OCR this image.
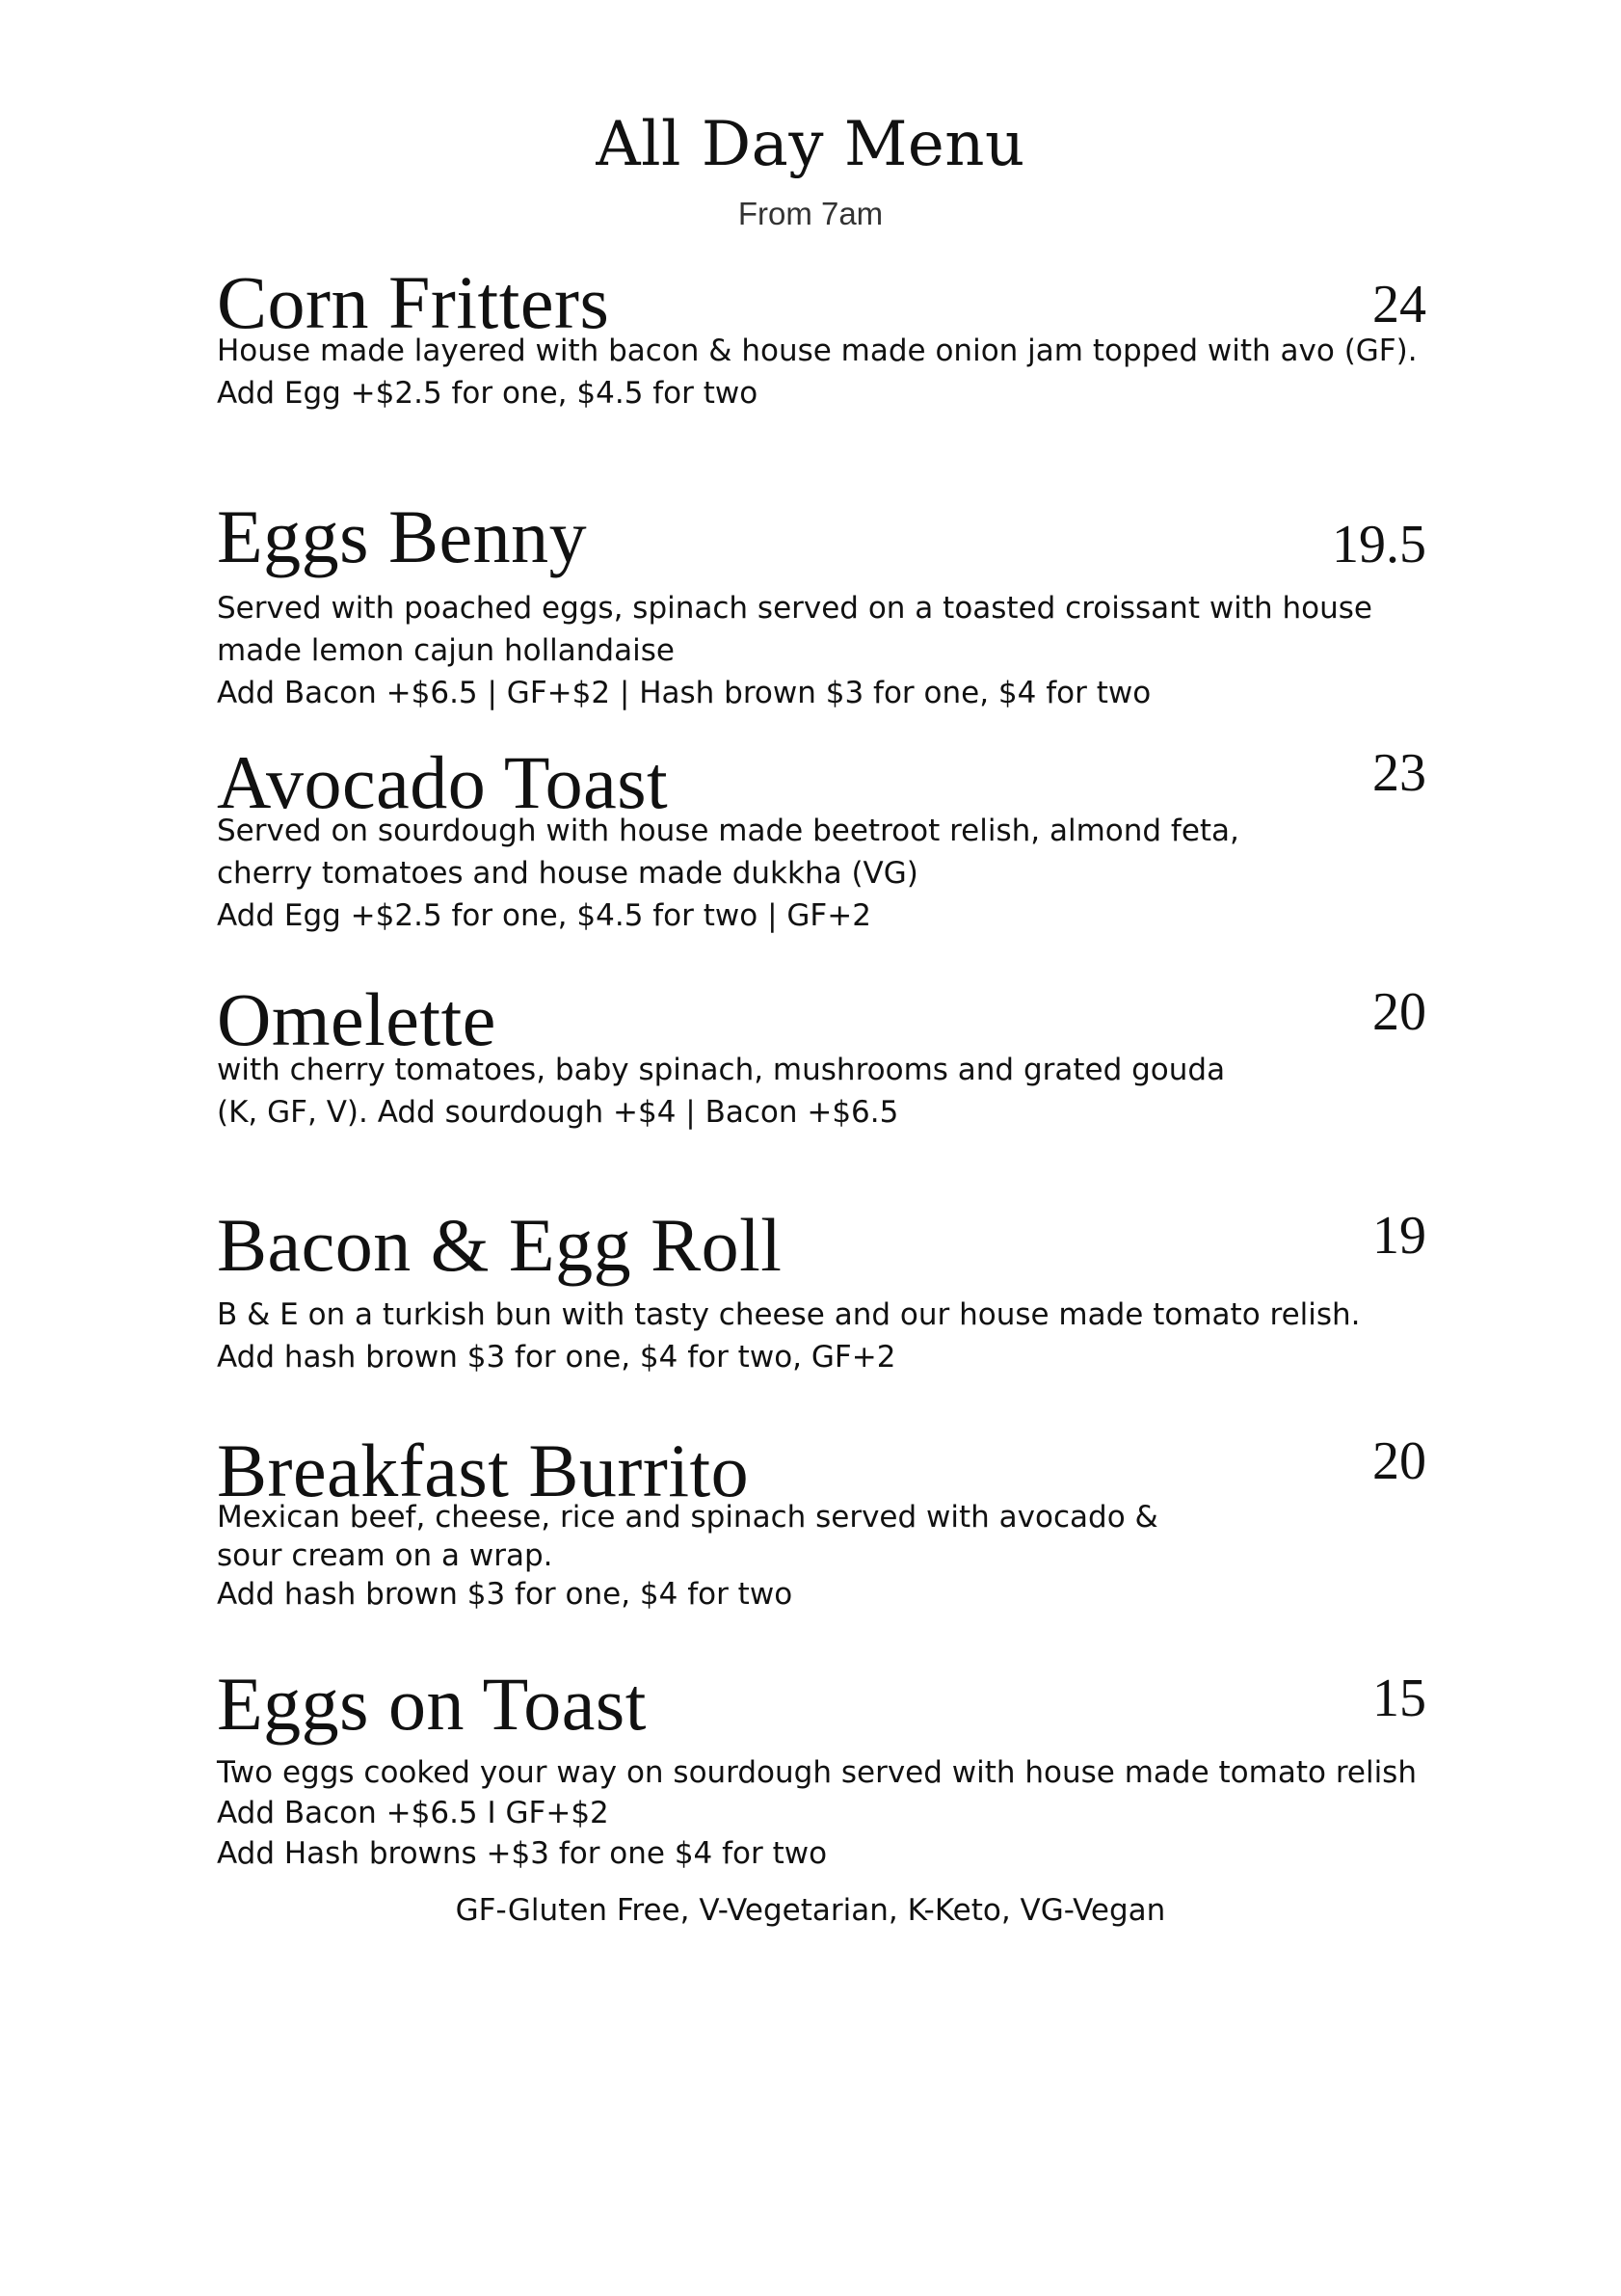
All Day Menu
From 7am
Corn Fritters	24
House made layered with bacon & house made onion jam topped with avo (GF).
Add Egg +$2.5 for one, $4.5 for two
Eggs Benny	19.5
Served with poached eggs, spinach served on a toasted croissant with house
made lemon cajun hollandaise
Add Bacon +$6.5 | GF+$2 | Hash brown $3 for one, $4 for two
Avocado Toast	23
Served on sourdough with house made beetroot relish, almond feta,
cherry tomatoes and house made dukkha (VG)
Add Egg +$2.5 for one, $4.5 for two | GF+2
Omelette	20
with cherry tomatoes, baby spinach, mushrooms and grated gouda
(K, GF, V). Add sourdough +$4 | Bacon +$6.5
Bacon & Egg Roll	19
B & E on a turkish bun with tasty cheese and our house made tomato relish.
Add hash brown $3 for one, $4 for two, GF+2
Breakfast Burrito	20
Mexican beef, cheese, rice and spinach served with avocado &
sour cream on a wrap.
Add hash brown $3 for one, $4 for two
Eggs on Toast	15
Two eggs cooked your way on sourdough served with house made tomato relish
Add Bacon +$6.5 I GF+$2
Add Hash browns +$3 for one $4 for two
GF-Gluten Free, V-Vegetarian, K-Keto, VG-Vegan
